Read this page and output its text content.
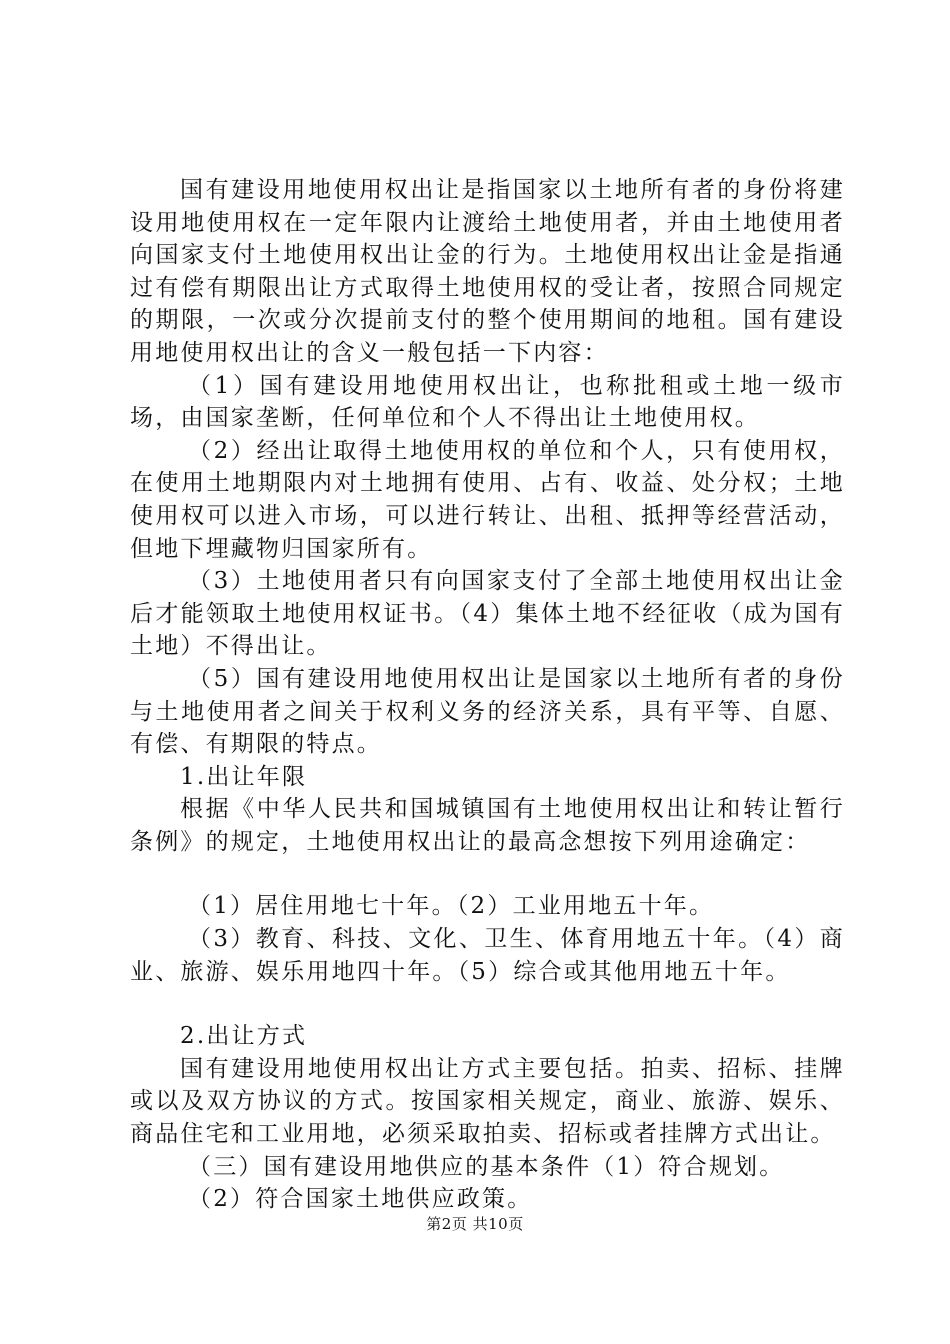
国有建设用地使用权出让是指国家以土地所有者的身份将建设用地使用权在一定年限内让渡给土地使用者，并由土地使用者向国家支付土地使用权出让金的行为。土地使用权出让金是指通过有偿有期限出让方式取得土地使用权的受让者，按照合同规定的期限，一次或分次提前支付的整个使用期间的地租。国有建设用地使用权出让的含义一般包括一下内容：

（1）国有建设用地使用权出让，也称批租或土地一级市场，由国家垄断，任何单位和个人不得出让土地使用权。

（2）经出让取得土地使用权的单位和个人，只有使用权，在使用土地期限内对土地拥有使用、占有、收益、处分权；土地使用权可以进入市场，可以进行转让、出租、抵押等经营活动，但地下埋藏物归国家所有。

（3）土地使用者只有向国家支付了全部土地使用权出让金后才能领取土地使用权证书。（4）集体土地不经征收（成为国有土地）不得出让。

（5）国有建设用地使用权出让是国家以土地所有者的身份与土地使用者之间关于权利义务的经济关系，具有平等、自愿、有偿、有期限的特点。

1.出让年限

根据《中华人民共和国城镇国有土地使用权出让和转让暂行条例》的规定，土地使用权出让的最高念想按下列用途确定：

（1）居住用地七十年。（2）工业用地五十年。

（3）教育、科技、文化、卫生、体育用地五十年。（4）商业、旅游、娱乐用地四十年。（5）综合或其他用地五十年。

2.出让方式

国有建设用地使用权出让方式主要包括。拍卖、招标、挂牌或以及双方协议的方式。按国家相关规定，商业、旅游、娱乐、商品住宅和工业用地，必须采取拍卖、招标或者挂牌方式出让。

（三）国有建设用地供应的基本条件（1）符合规划。

（2）符合国家土地供应政策。

第2页 共10页
